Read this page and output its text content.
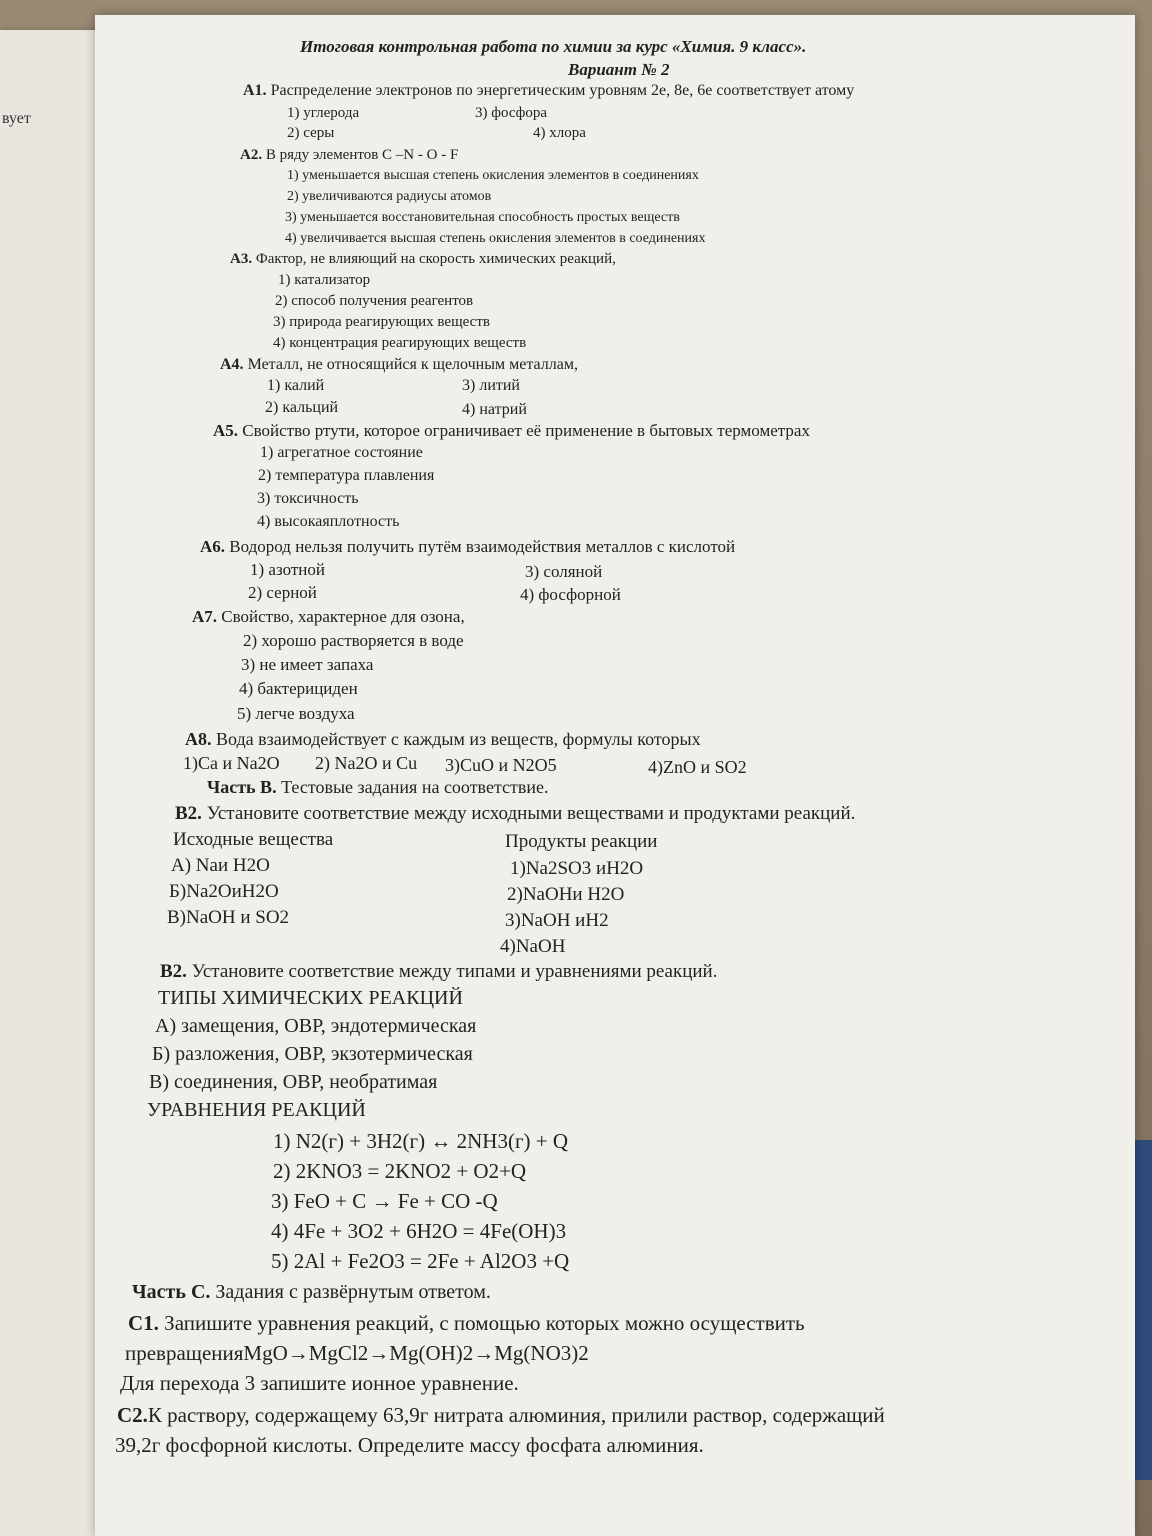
вует
Итоговая контрольная работа по химии за курс «Химия. 9 класс».
Вариант № 2
А1. Распределение электронов по энергетическим уровням 2е, 8е, 6е соответствует атому
1) углерода	3) фосфора
2) серы	4) хлора
А2. В ряду элементов C –N - O - F
1) уменьшается высшая степень окисления элементов в соединениях
2) увеличиваются радиусы атомов
3) уменьшается восстановительная способность простых веществ
4) увеличивается высшая степень окисления элементов в соединениях
А3. Фактор, не влияющий на скорость химических реакций,
1) катализатор
2) способ получения реагентов
3) природа реагирующих веществ
4) концентрация реагирующих веществ
А4. Металл, не относящийся к щелочным металлам,
1) калий	3) литий
2) кальций	4) натрий
А5. Свойство ртути, которое ограничивает её применение в бытовых термометрах
1) агрегатное состояние
2) температура плавления
3) токсичность
4) высокаяплотность
А6. Водород нельзя получить путём взаимодействия металлов с кислотой
1) азотной	3) соляной
2) серной	4) фосфорной
А7. Свойство, характерное для озона,
2) хорошо растворяется в воде
3) не имеет запаха
4) бактерициден
5) легче воздуха
А8. Вода взаимодействует с каждым из веществ, формулы которых
1)Ca и Na2O 2) Na2O и Cu 3)CuO и N2O5	4)ZnO и SO2
Часть В. Тестовые задания на соответствие.
В2. Установите соответствие между исходными веществами и продуктами реакций.
Исходные вещества	Продукты реакции
А) Naи H2O
Б)Na2OиH2O
В)NaOH и SO2
1)Na2SO3 иH2O
2)NaOHи H2O
3)NaOH иH2
4)NaOH
В2. Установите соответствие между типами и уравнениями реакций.
ТИПЫ ХИМИЧЕСКИХ РЕАКЦИЙ
А) замещения, ОВР, эндотермическая
Б) разложения, ОВР, экзотермическая
В) соединения, ОВР, необратимая
УРАВНЕНИЯ РЕАКЦИЙ
1) N2(г) + 3H2(г) ↔ 2NH3(г) + Q
2) 2KNO3 = 2KNO2 + O2+Q
3) FeO + C → Fe + CO -Q
4) 4Fe + 3O2 + 6H2O = 4Fe(OH)3
5) 2Al + Fe2O3 = 2Fe + Al2O3 +Q
Часть С. Задания с развёрнутым ответом.
С1. Запишите уравнения реакций, с помощью которых можно осуществить
превращенияMgO→MgCl2→Mg(OH)2→Mg(NO3)2
Для перехода 3 запишите ионное уравнение.
С2.К раствору, содержащему 63,9г нитрата алюминия, прилили раствор, содержащий
39,2г фосфорной кислоты. Определите массу фосфата алюминия.
